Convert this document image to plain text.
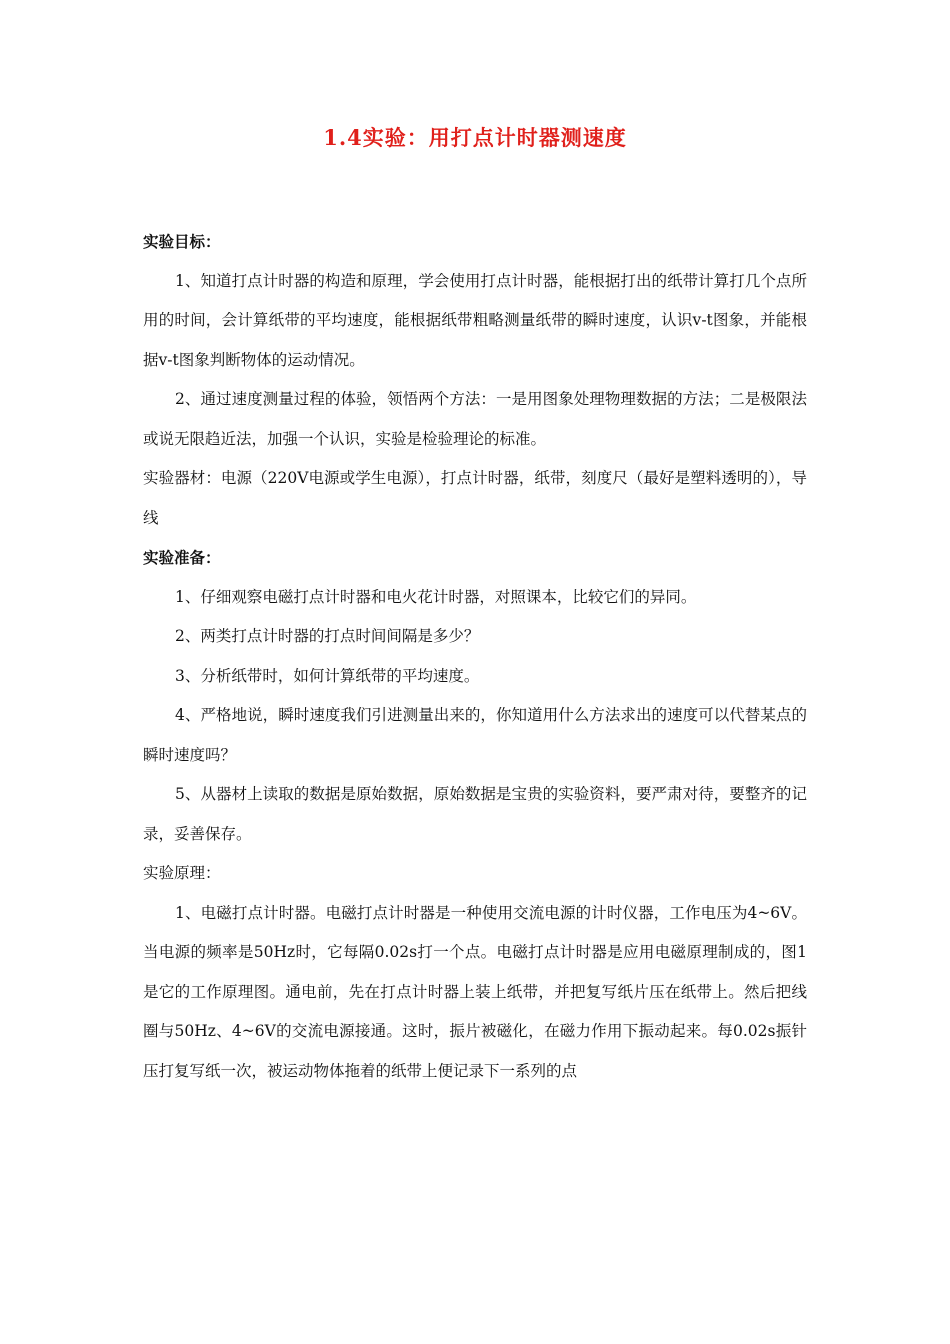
1.4实验：用打点计时器测速度

实验目标：

1、知道打点计时器的构造和原理，学会使用打点计时器，能根据打出的纸带计算打几个点所用的时间，会计算纸带的平均速度，能根据纸带粗略测量纸带的瞬时速度，认识v-t图象，并能根据v-t图象判断物体的运动情况。

2、通过速度测量过程的体验，领悟两个方法：一是用图象处理物理数据的方法；二是极限法或说无限趋近法，加强一个认识，实验是检验理论的标准。

实验器材：电源（220V电源或学生电源），打点计时器，纸带，刻度尺（最好是塑料透明的），导线

实验准备：

1、仔细观察电磁打点计时器和电火花计时器，对照课本，比较它们的异同。

2、两类打点计时器的打点时间间隔是多少？

3、分析纸带时，如何计算纸带的平均速度。

4、严格地说，瞬时速度我们引进测量出来的，你知道用什么方法求出的速度可以代替某点的瞬时速度吗？

5、从器材上读取的数据是原始数据，原始数据是宝贵的实验资料，要严肃对待，要整齐的记录，妥善保存。

实验原理：

1、电磁打点计时器。电磁打点计时器是一种使用交流电源的计时仪器，工作电压为4~6V。当电源的频率是50Hz时，它每隔0.02s打一个点。电磁打点计时器是应用电磁原理制成的，图1是它的工作原理图。通电前，先在打点计时器上装上纸带，并把复写纸片压在纸带上。然后把线圈与50Hz、4~6V的交流电源接通。这时，振片被磁化，在磁力作用下振动起来。每0.02s振针压打复写纸一次，被运动物体拖着的纸带上便记录下一系列的点
